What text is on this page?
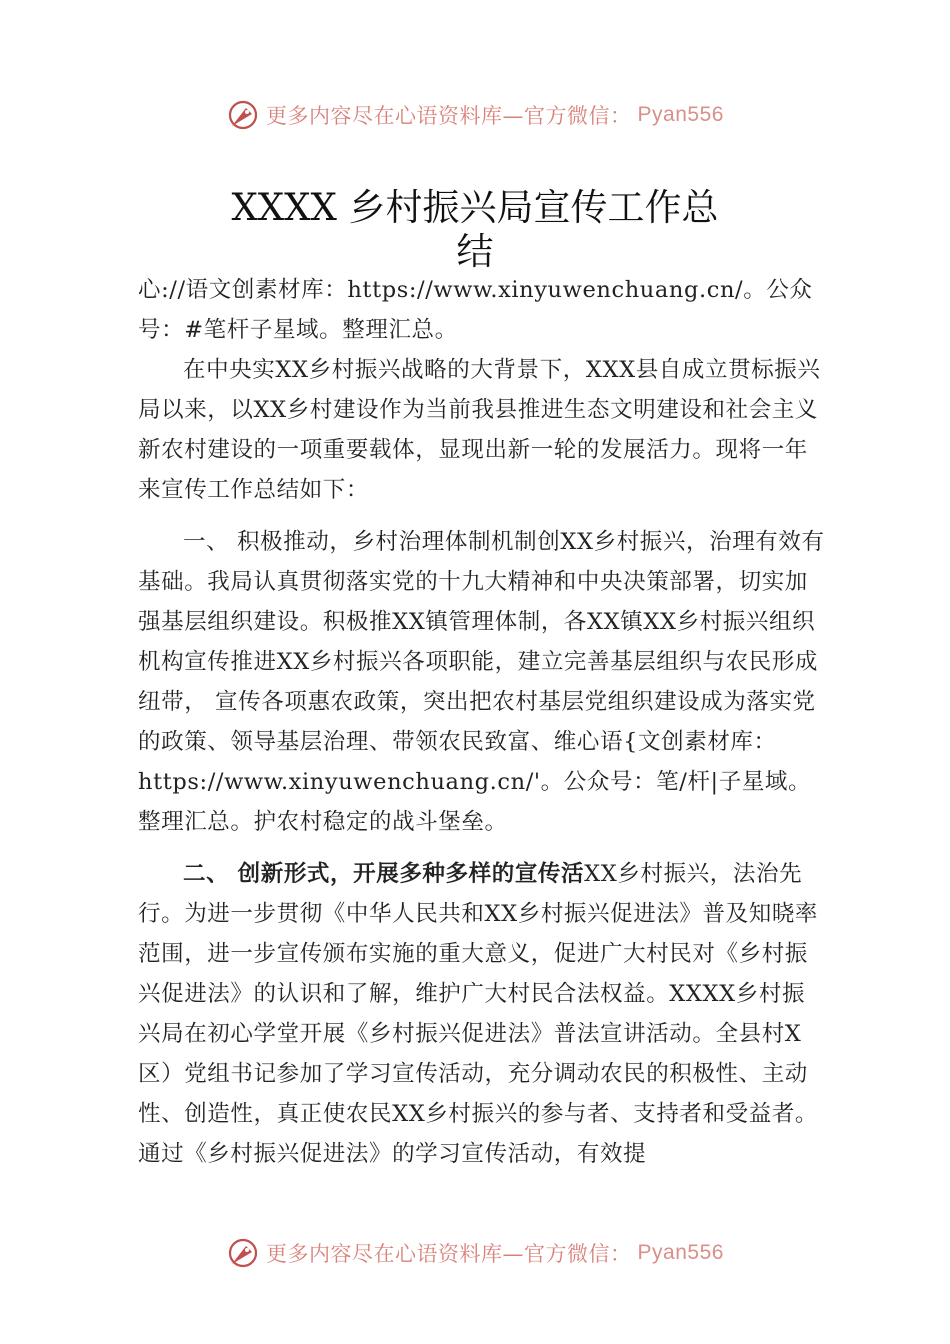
更多内容尽在心语资料库—官方微信： Pyan556
XXXX 乡村振兴局宣传工作总
结

心://语文创素材库：https://www.xinyuwenchuang.cn/。公众号：#笔杆子星域。整理汇总。

在中央实XX乡村振兴战略的大背景下，XXX县自成立贯标振兴局以来，以XX乡村建设作为当前我县推进生态文明建设和社会主义新农村建设的一项重要载体，显现出新一轮的发展活力。现将一年来宣传工作总结如下：

一、 积极推动，乡村治理体制机制创XX乡村振兴，治理有效有基础。我局认真贯彻落实党的十九大精神和中央决策部署，切实加强基层组织建设。积极推XX镇管理体制，各XX镇XX乡村振兴组织机构宣传推进XX乡村振兴各项职能，建立完善基层组织与农民形成纽带， 宣传各项惠农政策，突出把农村基层党组织建设成为落实党的政策、领导基层治理、带领农民致富、维心语{文创素材库：https://www.xinyuwenchuang.cn/'。公众号：笔/杆|子星域。整理汇总。护农村稳定的战斗堡垒。

二、 创新形式，开展多种多样的宣传活XX乡村振兴，法治先行。为进一步贯彻《中华人民共和XX乡村振兴促进法》普及知晓率范围，进一步宣传颁布实施的重大意义，促进广大村民对《乡村振兴促进法》的认识和了解，维护广大村民合法权益。XXXX乡村振兴局在初心学堂开展《乡村振兴促进法》普法宣讲活动。全县村X区）党组书记参加了学习宣传活动，充分调动农民的积极性、主动性、创造性，真正使农民XX乡村振兴的参与者、支持者和受益者。通过《乡村振兴促进法》的学习宣传活动，有效提

更多内容尽在心语资料库—官方微信： Pyan556
